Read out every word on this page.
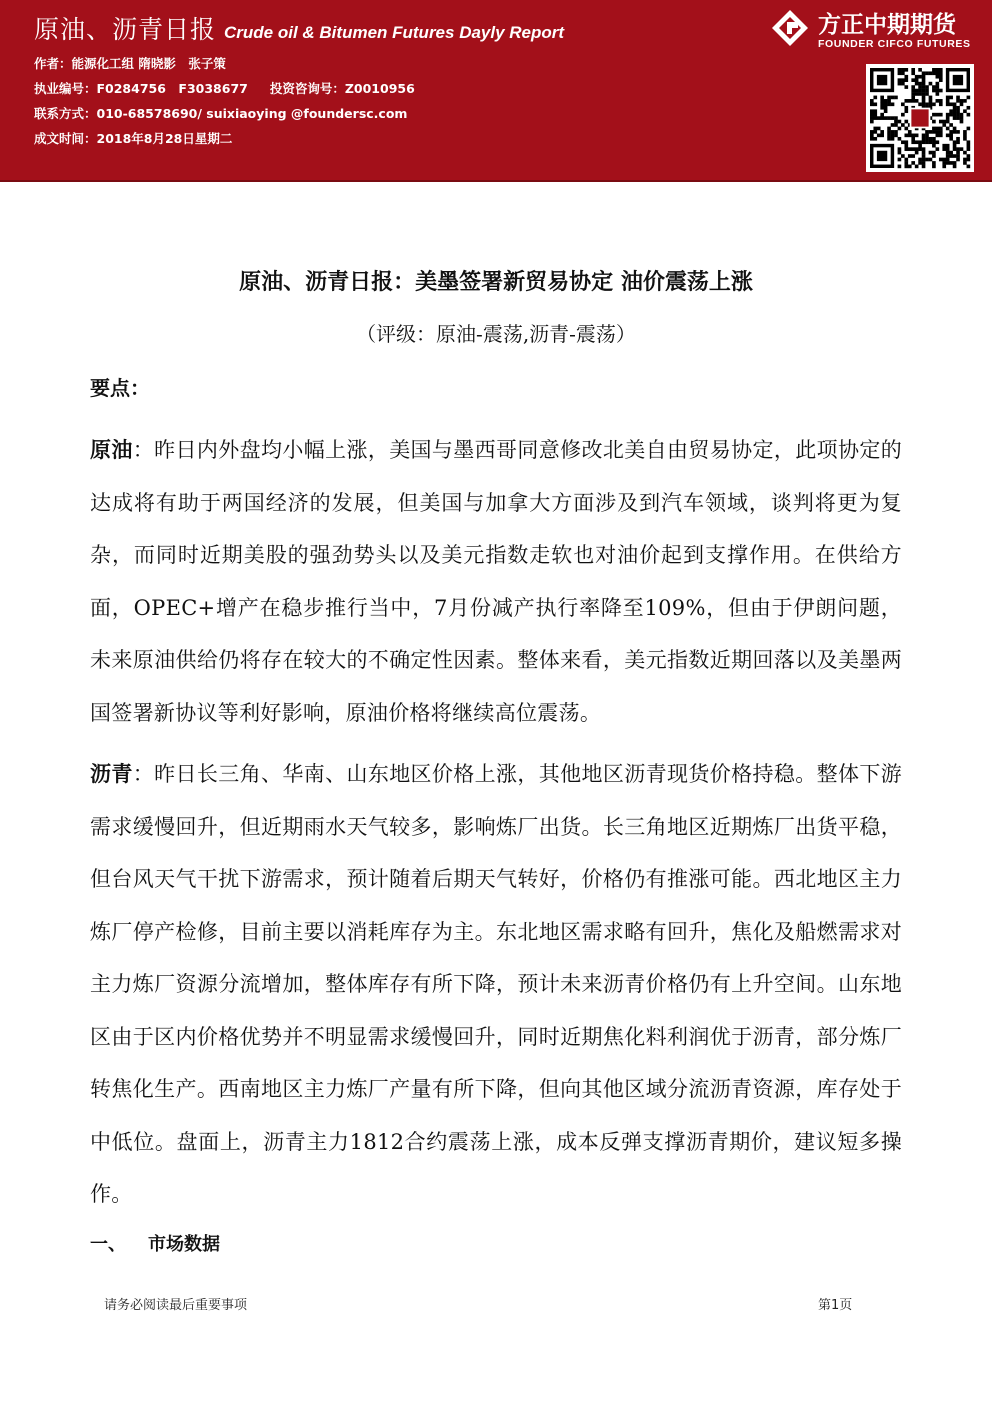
原油、沥青日报 Crude oil & Bitumen Futures Dayly Report
作者：能源化工组 隋晓影　张子策
执业编号：F0284756　F3038677 投资咨询号：Z0010956
联系方式：010-68578690/ suixiaoying @foundersc.com
成文时间：2018年8月28日星期二
方正中期期货
FOUNDER CIFCO FUTURES
原油、沥青日报：美墨签署新贸易协定 油价震荡上涨
（评级：原油-震荡,沥青-震荡）
要点：
原油：昨日内外盘均小幅上涨，美国与墨西哥同意修改北美自由贸易协定，此项协定的达成将有助于两国经济的发展，但美国与加拿大方面涉及到汽车领域，谈判将更为复杂，而同时近期美股的强劲势头以及美元指数走软也对油价起到支撑作用。在供给方面，OPEC+增产在稳步推行当中，7月份减产执行率降至109%，但由于伊朗问题，未来原油供给仍将存在较大的不确定性因素。整体来看，美元指数近期回落以及美墨两国签署新协议等利好影响，原油价格将继续高位震荡。
沥青：昨日长三角、华南、山东地区价格上涨，其他地区沥青现货价格持稳。整体下游需求缓慢回升，但近期雨水天气较多，影响炼厂出货。长三角地区近期炼厂出货平稳，但台风天气干扰下游需求，预计随着后期天气转好，价格仍有推涨可能。西北地区主力炼厂停产检修，目前主要以消耗库存为主。东北地区需求略有回升，焦化及船燃需求对主力炼厂资源分流增加，整体库存有所下降，预计未来沥青价格仍有上升空间。山东地区由于区内价格优势并不明显需求缓慢回升，同时近期焦化料利润优于沥青，部分炼厂转焦化生产。西南地区主力炼厂产量有所下降，但向其他区域分流沥青资源，库存处于中低位。盘面上，沥青主力1812合约震荡上涨，成本反弹支撑沥青期价，建议短多操作。
一、 市场数据
请务必阅读最后重要事项	第1页
